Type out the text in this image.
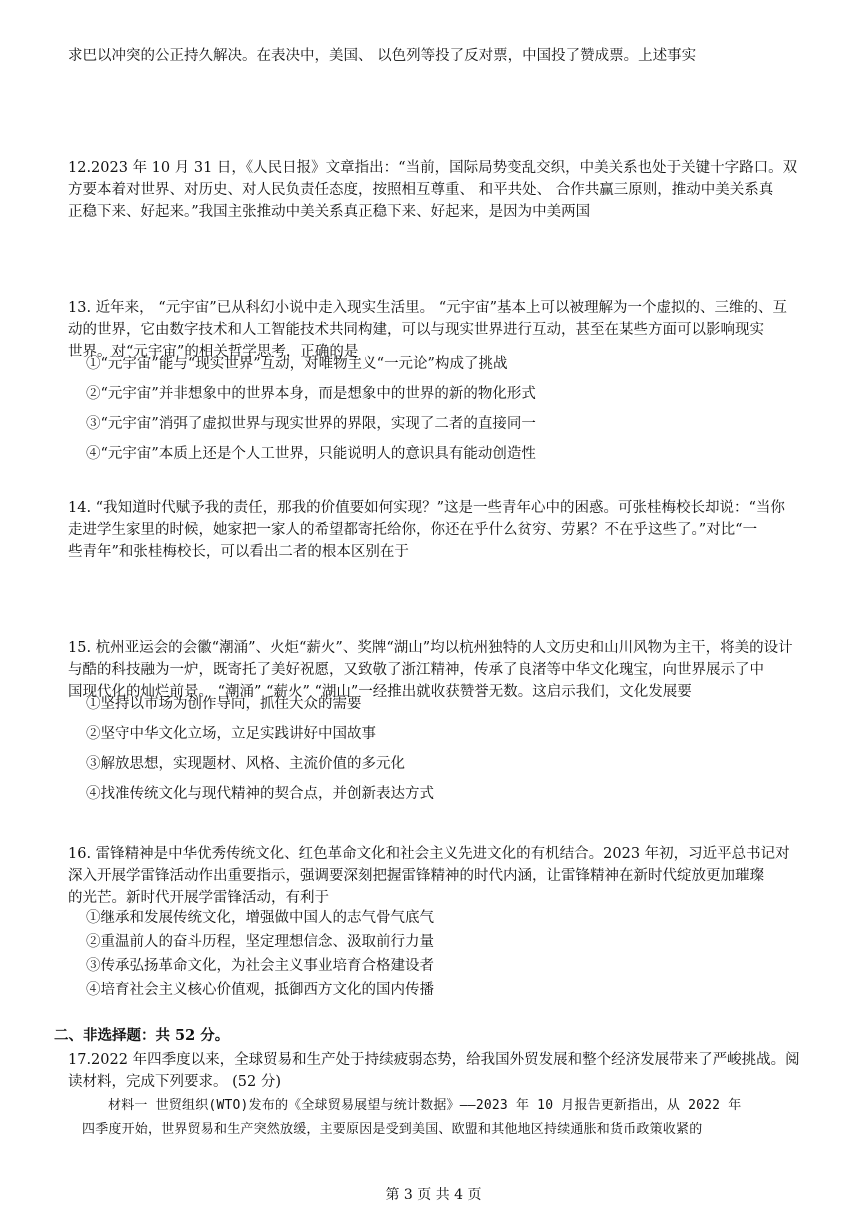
求巴以冲突的公正持久解决。在表决中，美国、 以色列等投了反对票，中国投了赞成票。上述事实
12.2023 年 10 月 31 日，《人民日报》文章指出：“当前，国际局势变乱交织，中美关系也处于关键十字路口。双
方要本着对世界、对历史、对人民负责任态度，按照相互尊重、 和平共处、 合作共赢三原则，推动中美关系真
正稳下来、好起来。”我国主张推动中美关系真正稳下来、好起来，是因为中美两国
13. 近年来， “元宇宙”已从科幻小说中走入现实生活里。 “元宇宙”基本上可以被理解为一个虚拟的、三维的、互
动的世界，它由数字技术和人工智能技术共同构建，可以与现实世界进行互动，甚至在某些方面可以影响现实
世界。对“元宇宙”的相关哲学思考，正确的是
①“元宇宙”能与“现实世界”互动，对唯物主义“一元论”构成了挑战
②“元宇宙”并非想象中的世界本身，而是想象中的世界的新的物化形式
③“元宇宙”消弭了虚拟世界与现实世界的界限，实现了二者的直接同一
④“元宇宙”本质上还是个人工世界，只能说明人的意识具有能动创造性
14. “我知道时代赋予我的责任，那我的价值要如何实现？”这是一些青年心中的困惑。可张桂梅校长却说：“当你
走进学生家里的时候，她家把一家人的希望都寄托给你，你还在乎什么贫穷、劳累？不在乎这些了。”对比“一
些青年”和张桂梅校长，可以看出二者的根本区别在于
15. 杭州亚运会的会徽“潮涌”、火炬“薪火”、奖牌“湖山”均以杭州独特的人文历史和山川风物为主干，将美的设计
与酷的科技融为一炉，既寄托了美好祝愿，又致敬了浙江精神，传承了良渚等中华文化瑰宝，向世界展示了中
国现代化的灿烂前景。 “潮涌” “薪火” “湖山”一经推出就收获赞誉无数。这启示我们，文化发展要
①坚持以市场为创作导向，抓住大众的需要
②坚守中华文化立场，立足实践讲好中国故事
③解放思想，实现题材、风格、主流价值的多元化
④找准传统文化与现代精神的契合点，并创新表达方式
16. 雷锋精神是中华优秀传统文化、红色革命文化和社会主义先进文化的有机结合。2023 年初，习近平总书记对
深入开展学雷锋活动作出重要指示，强调要深刻把握雷锋精神的时代内涵，让雷锋精神在新时代绽放更加璀璨
的光芒。新时代开展学雷锋活动，有利于
①继承和发展传统文化，增强做中国人的志气骨气底气
②重温前人的奋斗历程，坚定理想信念、汲取前行力量
③传承弘扬革命文化，为社会主义事业培育合格建设者
④培育社会主义核心价值观，抵御西方文化的国内传播
二、非选择题：共 52 分。
17.2022 年四季度以来，全球贸易和生产处于持续疲弱态势，给我国外贸发展和整个经济发展带来了严峻挑战。阅
读材料，完成下列要求。 (52 分)
材料一 世贸组织(WTO)发布的《全球贸易展望与统计数据》——2023 年 10 月报告更新指出，从 2022 年
四季度开始，世界贸易和生产突然放缓，主要原因是受到美国、欧盟和其他地区持续通胀和货币政策收紧的
第 3 页 共 4 页
